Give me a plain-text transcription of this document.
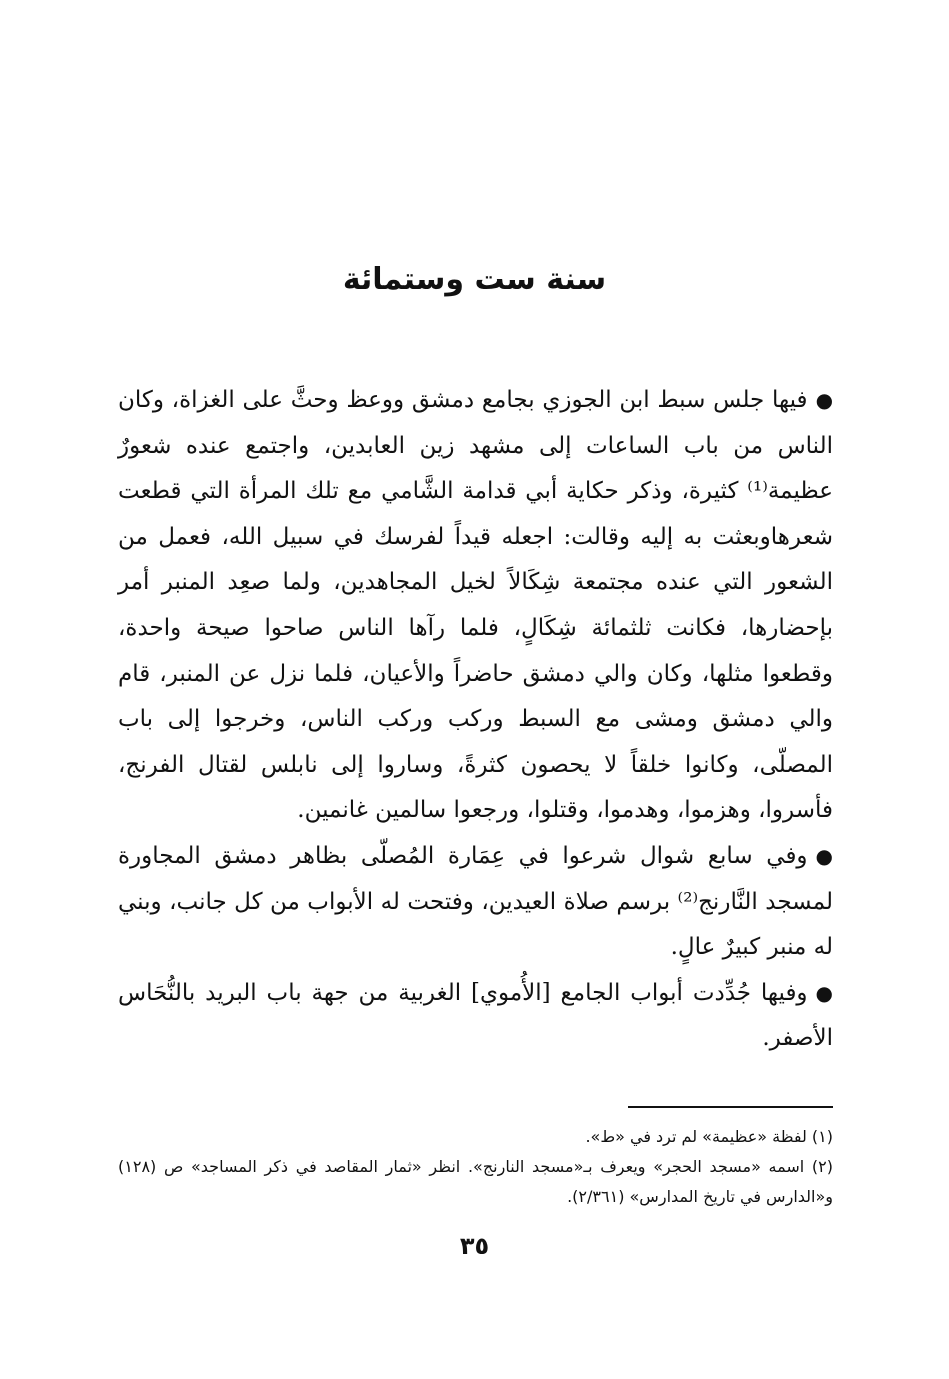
سنة ست وستمائة

●فيها جلس سبط ابن الجوزي بجامع دمشق ووعظ وحثَّ على الغزاة، وكان الناس من باب الساعات إلى مشهد زين العابدين، واجتمع عنده شعورٌ عظيمة⁽¹⁾ كثيرة، وذكر حكاية أبي قدامة الشَّامي مع تلك المرأة التي قطعت شعرهاوبعثت به إليه وقالت: اجعله قيداً لفرسك في سبيل الله، فعمل من الشعور التي عنده مجتمعة شِكَالاً لخيل المجاهدين، ولما صعِد المنبر أمر بإحضارها، فكانت ثلثمائة شِكَالٍ، فلما رآها الناس صاحوا صيحة واحدة، وقطعوا مثلها، وكان والي دمشق حاضراً والأعيان، فلما نزل عن المنبر، قام والي دمشق ومشى مع السبط وركب وركب الناس، وخرجوا إلى باب المصلّى، وكانوا خلقاً لا يحصون كثرةً، وساروا إلى نابلس لقتال الفرنج، فأسروا، وهزموا، وهدموا، وقتلوا، ورجعوا سالمين غانمين.

●وفي سابع شوال شرعوا في عِمَارة المُصلّى بظاهر دمشق المجاورة لمسجد النَّارنج⁽²⁾ برسم صلاة العيدين، وفتحت له الأبواب من كل جانب، وبني له منبر كبيرٌ عالٍ.

●وفيها جُدِّدت أبواب الجامع [الأُموي] الغربية من جهة باب البريد بالنُّحَاس الأصفر.

(١) لفظة «عظيمة» لم ترد في «ط».

(٢) اسمه «مسجد الحجر» ويعرف بـ«مسجد النارنج». انظر «ثمار المقاصد في ذكر المساجد» ص (١٢٨) و«الدارس في تاريخ المدارس» (٢/٣٦١).

٣٥
